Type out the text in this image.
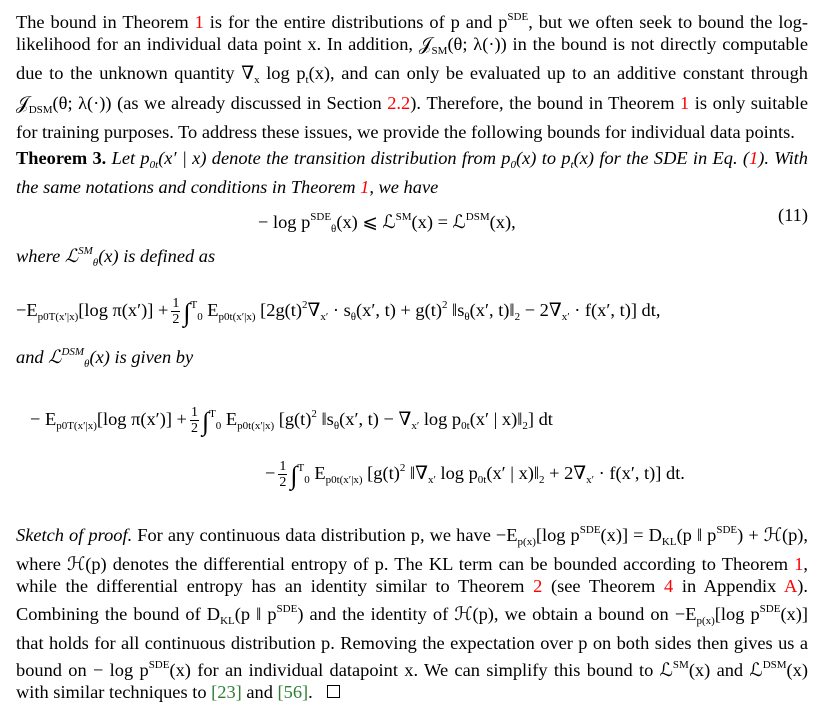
The bound in Theorem 1 is for the entire distributions of p and $p^{SDE}$, but we often seek to bound the log-likelihood for an individual data point x. In addition, 𝒥$_{SM}$(θ; λ(·)) in the bound is not directly computable due to the unknown quantity $\nabla_x$ $\log p_t(x)$, and can only be evaluated up to an additive constant through 𝒥$_{DSM}$(θ; λ(·)) (as we already discussed in Section 2.2). Therefore, the bound in Theorem 1 is only suitable for training purposes. To address these issues, we provide the following bounds for individual data points.
Theorem 3. Let $p_{0t}(x'$ | x) denote the transition distribution from $p_0(x)$ to $p_t(x)$ for the SDE in Eq. (1). With the same notations and conditions in Theorem 1, we have
− $\log p^{SDE}_\theta(x)$ ⩽ ℒ℠(x) = ℒ$^{DSM}$(x),	(11)
where ℒ℠$_\theta$(x) is defined as
$-E_{p0T(x'|x)}[\log$ $\pi(x')] + \frac{1}{2} \int^T_0$ $E_{p0t(x'|x)}$ [$2g(t)^2\nabla_{x'} \cdot s_\theta(x'$, $t) + g(t)^2$ $‖s_\theta(x'$, $t)‖_2 - 2\nabla_{x'} \cdot f(x'$, t)] dt,
and ℒ$^{DSM}_\theta$(x) is given by
− $E_{p0T(x'|x)}[\log$ $\pi(x')] + \frac{1}{2} \int^T_0$ $E_{p0t(x'|x)}$ [$g(t)^2$ $‖s_\theta(x'$, $t) - \nabla_{x'}$ $\log p_{0t}(x'$ | $x)‖_2$] dt
− $\frac{1}{2} \int^T_0$ $E_{p0t(x'|x)}$ [$g(t)^2$ $‖\nabla_{x'}$ $\log p_{0t}(x'$ | $x)‖_2 + 2\nabla_{x'} \cdot f(x'$, t)] dt.
Sketch of proof. For any continuous data distribution p, we have $-E_{p(x)}[\log$ $p^{SDE}(x)] = D_{KL}(p$ ‖ $p^{SDE}$) + ℋ(p), where ℋ(p) denotes the differential entropy of p. The KL term can be bounded according to Theorem 1, while the differential entropy has an identity similar to Theorem 2 (see Theorem 4 in Appendix A). Combining the bound of $D_{KL}(p$ ‖ $p^{SDE}$) and the identity of ℋ(p), we obtain a bound on $-E_{p(x)}[\log$ $p^{SDE}(x)$] that holds for all continuous distribution p. Removing the expectation over p on both sides then gives us a bound on − $\log p^{SDE}(x)$ for an individual datapoint x. We can simplify this bound to ℒ℠(x) and ℒ$^{DSM}$(x) with similar techniques to [23] and [56].
